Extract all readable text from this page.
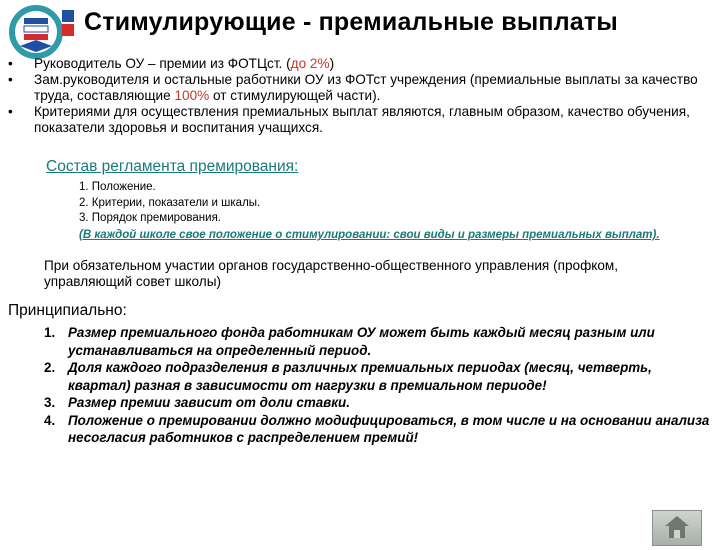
Стимулирующие - премиальные выплаты
• Руководитель ОУ – премии из ФОТЦст. (до 2%)
• Зам.руководителя и остальные работники ОУ из ФОТст учреждения (премиальные выплаты за качество труда, составляющие 100% от стимулирующей части).
• Критериями для осуществления премиальных выплат являются, главным образом, качество обучения, показатели здоровья и воспитания учащихся.
Состав регламента премирования:
1. Положение.
2. Критерии, показатели и шкалы.
3. Порядок премирования.
(В каждой школе свое положение о стимулировании: свои виды и размеры премиальных выплат).
При обязательном участии органов государственно-общественного управления (профком, управляющий совет школы)
Принципиально:
1. Размер премиального фонда работникам ОУ может быть каждый месяц разным или устанавливаться на определенный период.
2. Доля каждого подразделения в различных премиальных периодах (месяц, четверть, квартал) разная в зависимости от нагрузки в премиальном периоде!
3. Размер премии зависит от доли ставки.
4. Положение о премировании должно модифицироваться, в том числе и на основании анализа несогласия работников с распределением премий!
